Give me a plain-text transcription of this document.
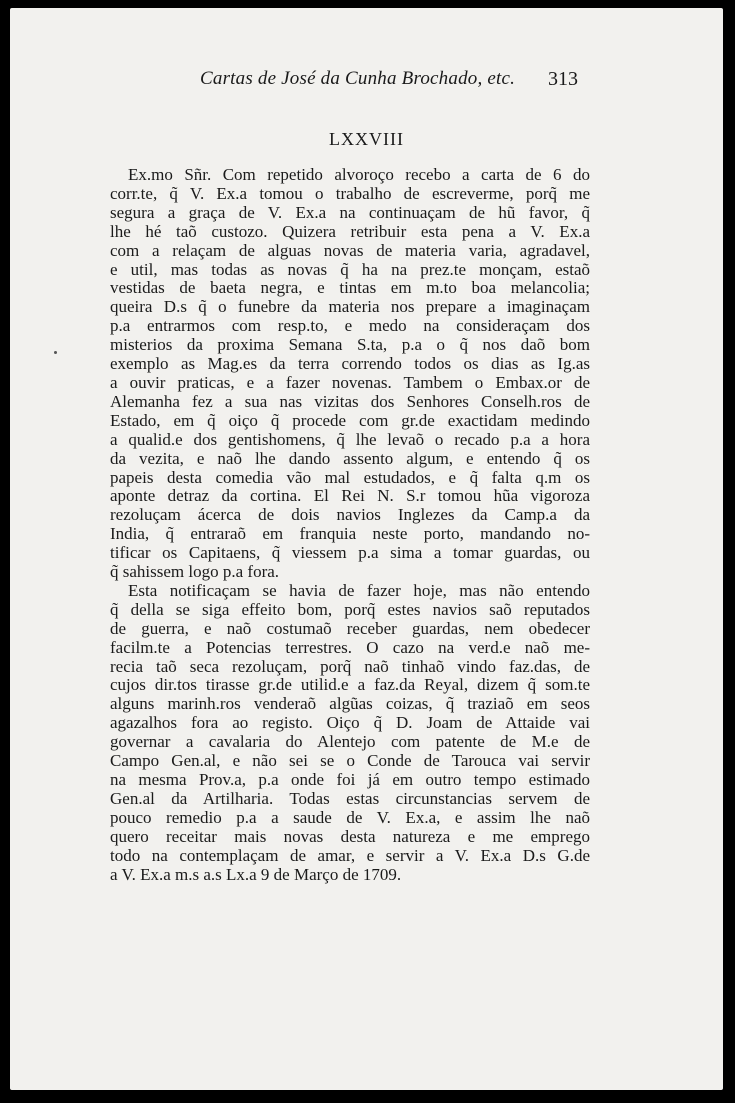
Cartas de José da Cunha Brochado, etc. 313
LXXVIII
Ex.mo Sñr. Com repetido alvoroço recebo a carta de 6 do
corr.te, q̃ V. Ex.a tomou o trabalho de escreverme, porq̃ me
segura a graça de V. Ex.a na continuaçam de hũ favor, q̃
lhe hé taõ custozo. Quizera retribuir esta pena a V. Ex.a
com a relaçam de alguas novas de materia varia, agradavel,
e util, mas todas as novas q̃ ha na prez.te monçam, estaõ
vestidas de baeta negra, e tintas em m.to boa melancolia;
queira D.s q̃ o funebre da materia nos prepare a imaginaçam
p.a entrarmos com resp.to, e medo na consideraçam dos
misterios da proxima Semana S.ta, p.a o q̃ nos daõ bom
exemplo as Mag.es da terra correndo todos os dias as Ig.as
a ouvir praticas, e a fazer novenas. Tambem o Embax.or de
Alemanha fez a sua nas vizitas dos Senhores Conselh.ros de
Estado, em q̃ oiço q̃ procede com gr.de exactidam medindo
a qualid.e dos gentishomens, q̃ lhe levaõ o recado p.a a hora
da vezita, e naõ lhe dando assento algum, e entendo q̃ os
papeis desta comedia vão mal estudados, e q̃ falta q.m os
aponte detraz da cortina. El Rei N. S.r tomou hũa vigoroza
rezoluçam ácerca de dois navios Inglezes da Camp.a da
India, q̃ entraraõ em franquia neste porto, mandando no-
tificar os Capitaens, q̃ viessem p.a sima a tomar guardas, ou
q̃ sahissem logo p.a fora.
Esta notificaçam se havia de fazer hoje, mas não entendo
q̃ della se siga effeito bom, porq̃ estes navios saõ reputados
de guerra, e naõ costumaõ receber guardas, nem obedecer
facilm.te a Potencias terrestres. O cazo na verd.e naõ me-
recia taõ seca rezoluçam, porq̃ naõ tinhaõ vindo faz.das, de
cujos dir.tos tirasse gr.de utilid.e a faz.da Reyal, dizem q̃ som.te
alguns marinh.ros venderaõ algũas coizas, q̃ traziaõ em seos
agazalhos fora ao registo. Oiço q̃ D. Joam de Attaide vai
governar a cavalaria do Alentejo com patente de M.e de
Campo Gen.al, e não sei se o Conde de Tarouca vai servir
na mesma Prov.a, p.a onde foi já em outro tempo estimado
Gen.al da Artilharia. Todas estas circunstancias servem de
pouco remedio p.a a saude de V. Ex.a, e assim lhe naõ
quero receitar mais novas desta natureza e me emprego
todo na contemplaçam de amar, e servir a V. Ex.a D.s G.de
a V. Ex.a m.s a.s Lx.a 9 de Março de 1709.
